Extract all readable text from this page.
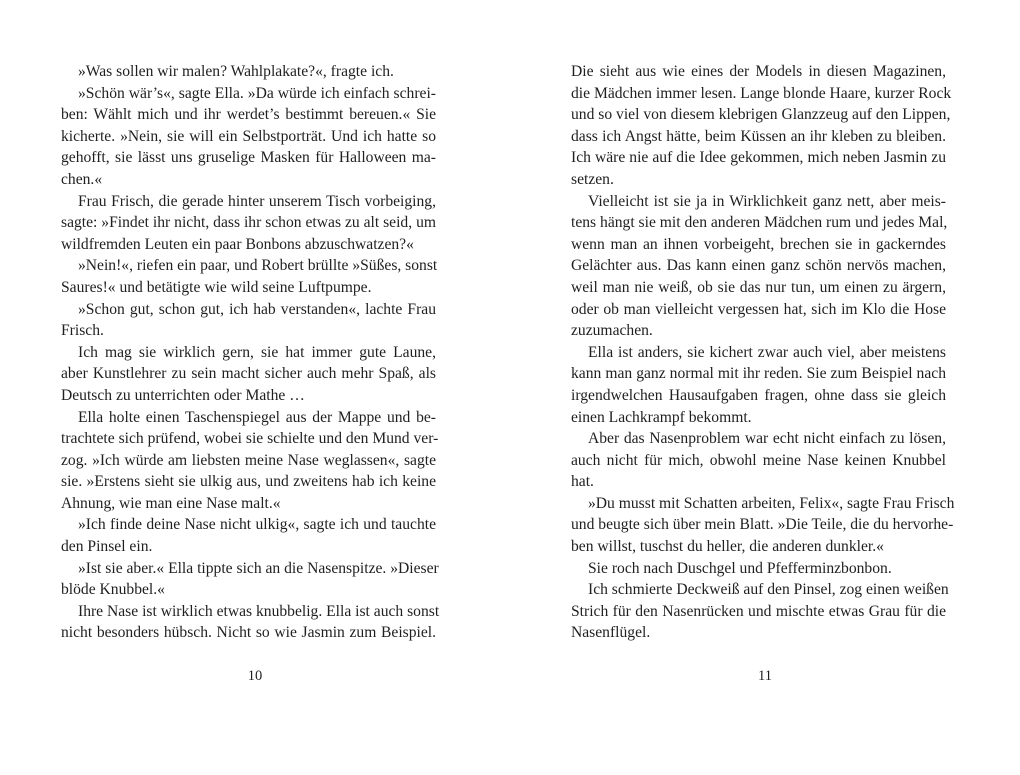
»Was sollen wir malen? Wahlplakate?«, fragte ich.
»Schön wär’s«, sagte Ella. »Da würde ich einfach schrei-
ben: Wählt mich und ihr werdet’s bestimmt bereuen.« Sie
kicherte. »Nein, sie will ein Selbstporträt. Und ich hatte so
gehofft, sie lässt uns gruselige Masken für Halloween ma-
chen.«
Frau Frisch, die gerade hinter unserem Tisch vorbeiging,
sagte: »Findet ihr nicht, dass ihr schon etwas zu alt seid, um
wildfremden Leuten ein paar Bonbons abzuschwatzen?«
»Nein!«, riefen ein paar, und Robert brüllte »Süßes, sonst
Saures!« und betätigte wie wild seine Luftpumpe.
»Schon gut, schon gut, ich hab verstanden«, lachte Frau
Frisch.
Ich mag sie wirklich gern, sie hat immer gute Laune,
aber Kunstlehrer zu sein macht sicher auch mehr Spaß, als
Deutsch zu unterrichten oder Mathe …
Ella holte einen Taschenspiegel aus der Mappe und be-
trachtete sich prüfend, wobei sie schielte und den Mund ver-
zog. »Ich würde am liebsten meine Nase weglassen«, sagte
sie. »Erstens sieht sie ulkig aus, und zweitens hab ich keine
Ahnung, wie man eine Nase malt.«
»Ich finde deine Nase nicht ulkig«, sagte ich und tauchte
den Pinsel ein.
»Ist sie aber.« Ella tippte sich an die Nasenspitze. »Dieser
blöde Knubbel.«
Ihre Nase ist wirklich etwas knubbelig. Ella ist auch sonst
nicht besonders hübsch. Nicht so wie Jasmin zum Beispiel.
Die sieht aus wie eines der Models in diesen Magazinen,
die Mädchen immer lesen. Lange blonde Haare, kurzer Rock
und so viel von diesem klebrigen Glanzzeug auf den Lippen,
dass ich Angst hätte, beim Küssen an ihr kleben zu bleiben.
Ich wäre nie auf die Idee gekommen, mich neben Jasmin zu
setzen.
Vielleicht ist sie ja in Wirklichkeit ganz nett, aber meis-
tens hängt sie mit den anderen Mädchen rum und jedes Mal,
wenn man an ihnen vorbeigeht, brechen sie in gackerndes
Gelächter aus. Das kann einen ganz schön nervös machen,
weil man nie weiß, ob sie das nur tun, um einen zu ärgern,
oder ob man vielleicht vergessen hat, sich im Klo die Hose
zuzumachen.
Ella ist anders, sie kichert zwar auch viel, aber meistens
kann man ganz normal mit ihr reden. Sie zum Beispiel nach
irgendwelchen Hausaufgaben fragen, ohne dass sie gleich
einen Lachkrampf bekommt.
Aber das Nasenproblem war echt nicht einfach zu lösen,
auch nicht für mich, obwohl meine Nase keinen Knubbel
hat.
»Du musst mit Schatten arbeiten, Felix«, sagte Frau Frisch
und beugte sich über mein Blatt. »Die Teile, die du hervorhe-
ben willst, tuschst du heller, die anderen dunkler.«
Sie roch nach Duschgel und Pfefferminzbonbon.
Ich schmierte Deckweiß auf den Pinsel, zog einen weißen
Strich für den Nasenrücken und mischte etwas Grau für die
Nasenflügel.
10	11
